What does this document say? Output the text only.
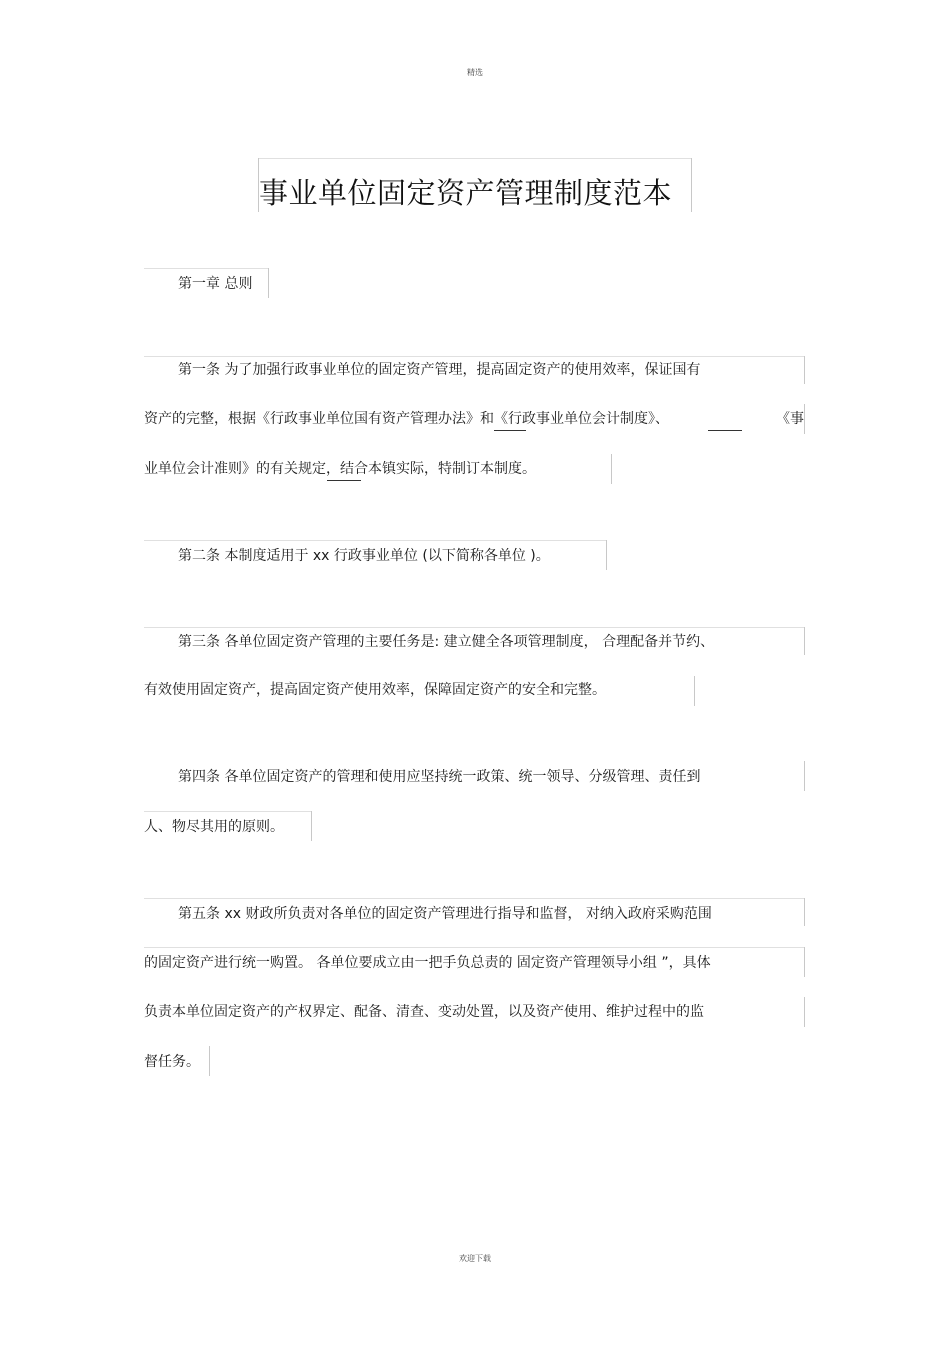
精选
事业单位固定资产管理制度范本
第一章 总则
第一条 为了加强行政事业单位的固定资产管理，提高固定资产的使用效率，保证国有
资产的完整，根据《行政事业单位国有资产管理办法》和《行政事业单位会计制度》、	《事
业单位会计准则》的有关规定，结合本镇实际，特制订本制度。
第二条 本制度适用于 xx 行政事业单位 (以下简称各单位 )。
第三条 各单位固定资产管理的主要任务是: 建立健全各项管理制度， 合理配备并节约、
有效使用固定资产，提高固定资产使用效率，保障固定资产的安全和完整。
第四条 各单位固定资产的管理和使用应坚持统一政策、统一领导、分级管理、责任到
人、物尽其用的原则。
第五条 xx 财政所负责对各单位的固定资产管理进行指导和监督， 对纳入政府采购范围
的固定资产进行统一购置。 各单位要成立由一把手负总责的 固定资产管理领导小组 ”，具体
负责本单位固定资产的产权界定、配备、清查、变动处置，以及资产使用、维护过程中的监
督任务。
欢迎下载
